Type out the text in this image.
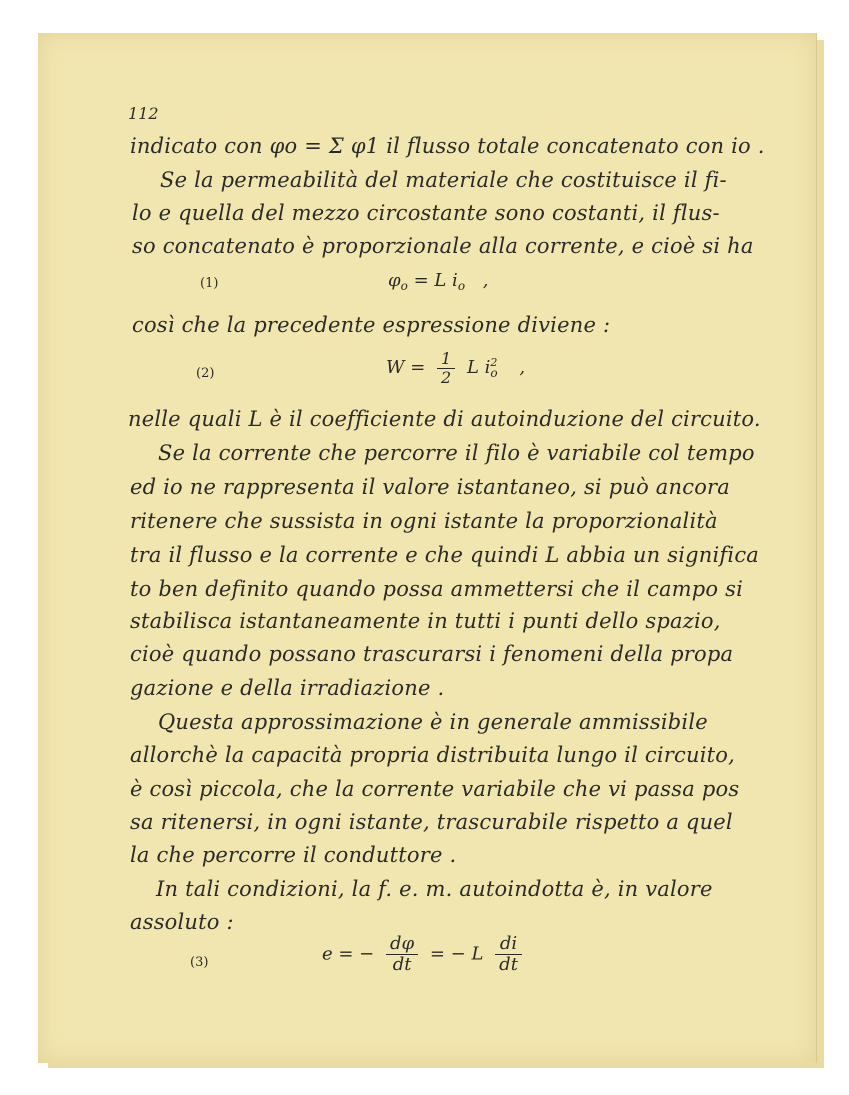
112
indicato con φo = Σ φ1 il flusso totale concatenato con io .
Se la permeabilità del materiale che costituisce il fi-
lo e quella del mezzo circostante sono costanti, il flus-
so concatenato è proporzionale alla corrente, e cioè si ha
(1)	$\varphi_o = L$ $i_o$ ,
così che la precedente espressione diviene :
(2)	$W = \frac{1}{2}$ L $i^2_o$ ,
nelle quali L è il coefficiente di autoinduzione del circuito.
Se la corrente che percorre il filo è variabile col tempo
ed io ne rappresenta il valore istantaneo, si può ancora
ritenere che sussista in ogni istante la proporzionalità
tra il flusso e la corrente e che quindi L abbia un significa
to ben definito quando possa ammettersi che il campo si
stabilisca istantaneamente in tutti i punti dello spazio,
cioè quando possano trascurarsi i fenomeni della propa
gazione e della irradiazione .
Questa approssimazione è in generale ammissibile
allorchè la capacità propria distribuita lungo il circuito,
è così piccola, che la corrente variabile che vi passa pos
sa ritenersi, in ogni istante, trascurabile rispetto a quel
la che percorre il conduttore .
In tali condizioni, la f. e. m. autoindotta è, in valore
assoluto :
(3)	e = − $\frac{d\varphi}{dt}$ = − L $\frac{di}{dt}$
